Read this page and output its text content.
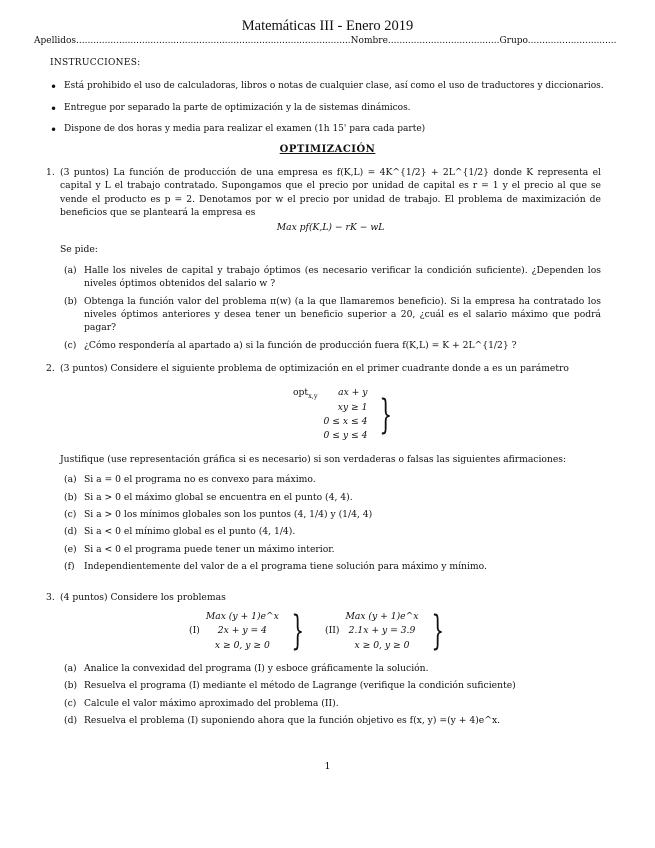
Matemáticas III - Enero 2019
Apellidos................................................................................................Nombre.......................................Grupo...............................
INSTRUCCIONES:
• Está prohibido el uso de calculadoras, libros o notas de cualquier clase, así como el uso de traductores y diccionarios.
• Entregue por separado la parte de optimización y la de sistemas dinámicos.
• Dispone de dos horas y media para realizar el examen (1h 15' para cada parte)
OPTIMIZACIÓN
1. (3 puntos) La función de producción de una empresa es f(K,L) = 4K^{1/2} + 2L^{1/2} donde K representa el capital y L el trabajo contratado. Supongamos que el precio por unidad de capital es r = 1 y el precio al que se vende el producto es p = 2. Denotamos por w el precio por unidad de trabajo. El problema de maximización de beneficios que se planteará la empresa es
Max pf(K,L) − rK − wL
Se pide:
(a) Halle los niveles de capital y trabajo óptimos (es necesario verificar la condición suficiente). ¿Dependen los niveles óptimos obtenidos del salario w ?
(b) Obtenga la función valor del problema π(w) (a la que llamaremos beneficio). Si la empresa ha contratado los niveles óptimos anteriores y desea tener un beneficio superior a 20, ¿cuál es el salario máximo que podrá pagar?
(c) ¿Cómo respondería al apartado a) si la función de producción fuera f(K,L) = K + 2L^{1/2} ?
2. (3 puntos) Considere el siguiente problema de optimización en el primer cuadrante donde a es un parámetro
opt$_{x,y}$	ax + y	}
	xy ≥ 1	
	0 ≤ x ≤ 4	
	0 ≤ y ≤ 4	
Justifique (use representación gráfica si es necesario) si son verdaderas o falsas las siguientes afirmaciones:
(a) Si a = 0 el programa no es convexo para máximo.
(b) Si a > 0 el máximo global se encuentra en el punto (4, 4).
(c) Si a > 0 los mínimos globales son los puntos (4, 1/4) y (1/4, 4)
(d) Si a < 0 el mínimo global es el punto (4, 1/4).
(e) Si a < 0 el programa puede tener un máximo interior.
(f) Independientemente del valor de a el programa tiene solución para máximo y mínimo.
3. (4 puntos) Considere los problemas
(I)	Max (y + 1)e^x	}
2x + y = 4
x ≥ 0, y ≥ 0
(II)	Max (y + 1)e^x	}
2.1x + y = 3.9
x ≥ 0, y ≥ 0
(a) Analice la convexidad del programa (I) y esboce gráficamente la solución.
(b) Resuelva el programa (I) mediante el método de Lagrange (verifique la condición suficiente)
(c) Calcule el valor máximo aproximado del problema (II).
(d) Resuelva el problema (I) suponiendo ahora que la función objetivo es f(x, y) =(y + 4)e^x.
1
